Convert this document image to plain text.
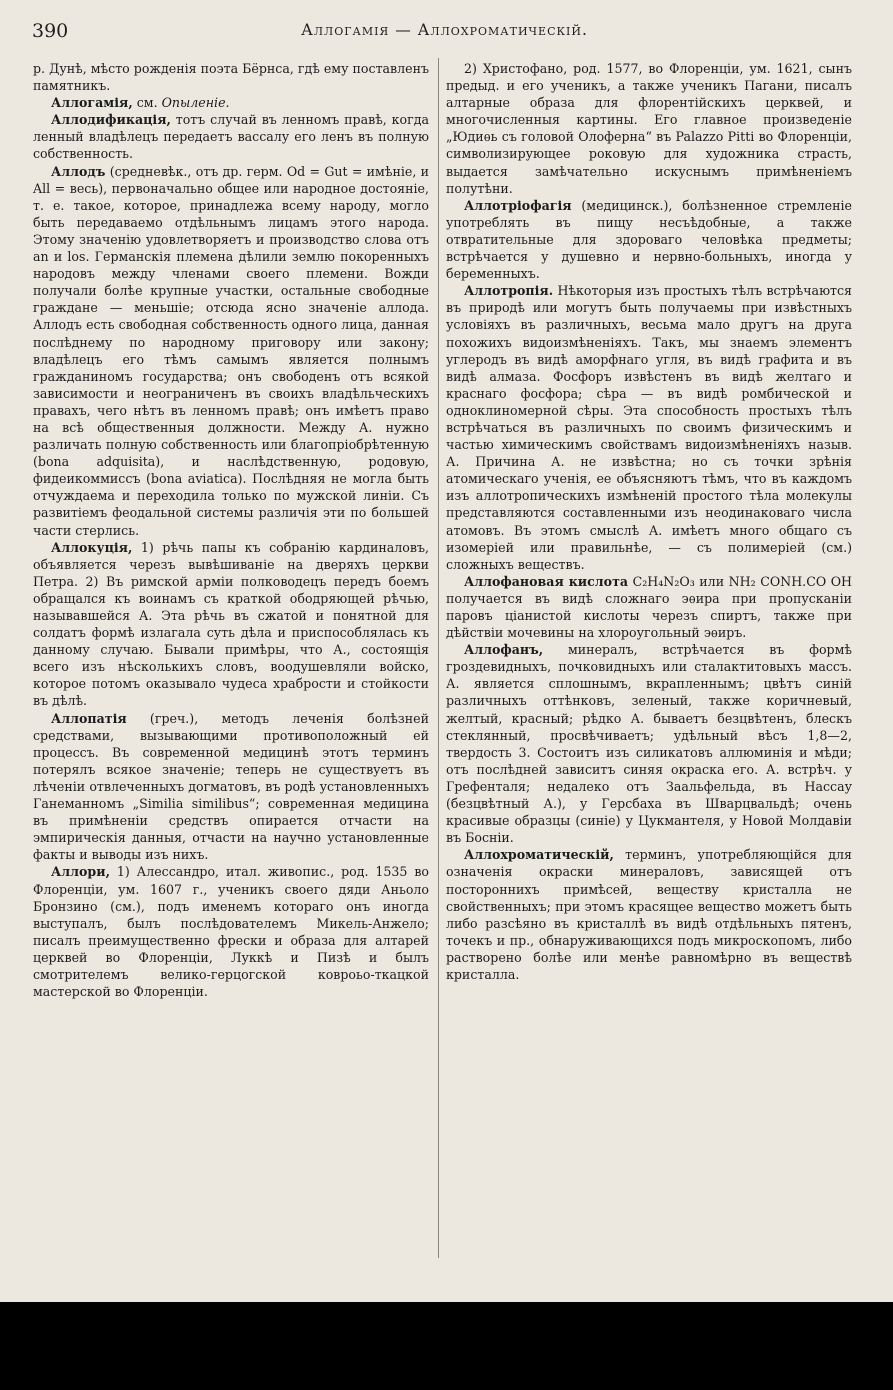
390	Аллогамія — Аллохроматическій.

р. Дунѣ, мѣсто рожденія поэта Бёрнса, гдѣ ему поставленъ памятникъ.

Аллогамія, см. Опыленіе.

Аллодификація, тотъ случай въ ленномъ правѣ, когда ленный владѣлецъ передаетъ вассалу его ленъ въ полную собственность.

Аллодъ (средневѣк., отъ др. герм. Od = Gut = имѣніе, и All = весь), первоначально общее или народное достояніе, т. е. такое, которое, принадлежа всему народу, могло быть передаваемо отдѣльнымъ лицамъ этого народа. Этому значенію удовлетворяетъ и производство слова отъ an и los. Германскія племена дѣлили землю покоренныхъ народовъ между членами своего племени. Вожди получали болѣе крупные участки, остальные свободные граждане — меньшіе; отсюда ясно значеніе аллода. Аллодъ есть свободная собственность одного лица, данная послѣднему по народному приговору или закону; владѣлецъ его тѣмъ самымъ является полнымъ гражданиномъ государства; онъ свободенъ отъ всякой зависимости и неограниченъ въ своихъ владѣльческихъ правахъ, чего нѣтъ въ ленномъ правѣ; онъ имѣетъ право на всѣ общественныя должности. Между А. нужно различать полную собственность или благопріобрѣтенную (bona adquisita), и наслѣдственную, родовую, фидеикоммиссъ (bona aviatica). Послѣдняя не могла быть отчуждаема и переходила только по мужской линіи. Съ развитіемъ феодальной системы различія эти по большей части стерлись.

Аллокуція, 1) рѣчь папы къ собранію кардиналовъ, объявляется черезъ вывѣшиваніе на дверяхъ церкви Петра. 2) Въ римской арміи полководецъ передъ боемъ обращался къ воинамъ съ краткой ободряющей рѣчью, называвшейся А. Эта рѣчь въ сжатой и понятной для солдатъ формѣ излагала суть дѣла и приспособлялась къ данному случаю. Бывали примѣры, что А., состоящія всего изъ нѣсколькихъ словъ, воодушевляли войско, которое потомъ оказывало чудеса храбрости и стойкости въ дѣлѣ.

Аллопатія (греч.), методъ леченія болѣзней средствами, вызывающими противоположный ей процессъ. Въ современной медицинѣ этотъ терминъ потерялъ всякое значеніе; теперь не существуетъ въ лѣченіи отвлеченныхъ догматовъ, въ родѣ установленныхъ Ганеманномъ „Similia similibus“; современная медицина въ примѣненіи средствъ опирается отчасти на эмпирическія данныя, отчасти на научно установленные факты и выводы изъ нихъ.

Аллори, 1) Алессандро, итал. живопис., род. 1535 во Флоренціи, ум. 1607 г., ученикъ своего дяди Аньоло Бронзино (см.), подъ именемъ котораго онъ иногда выступалъ, былъ послѣдователемъ Микель-Анжело; писалъ преимущественно фрески и образа для алтарей церквей во Флоренціи, Луккѣ и Пизѣ и былъ смотрителемъ велико-герцогской ковроьо-ткацкой мастерской во Флоренціи.

2) Христофано, род. 1577, во Флоренціи, ум. 1621, сынъ предыд. и его ученикъ, а также ученикъ Пагани, писалъ алтарные образа для флорентійскихъ церквей, и многочисленныя картины. Его главное произведеніе „Юдиѳь съ головой Олоферна“ въ Palazzo Pitti во Флоренціи, символизирующее роковую для художника страсть, выдается замѣчательно искуснымъ примѣненіемъ полутѣни.

Аллотріофагія (медицинск.), болѣзненное стремленіе употреблять въ пищу несъѣдобные, а также отвратительные для здороваго человѣка предметы; встрѣчается у душевно и нервно-больныхъ, иногда у беременныхъ.

Аллотропія. Нѣкоторыя изъ простыхъ тѣлъ встрѣчаются въ природѣ или могутъ быть получаемы при извѣстныхъ условіяхъ въ различныхъ, весьма мало другъ на друга похожихъ видоизмѣненіяхъ. Такъ, мы знаемъ элементъ углеродъ въ видѣ аморфнаго угля, въ видѣ графита и въ видѣ алмаза. Фосфоръ извѣстенъ въ видѣ желтаго и краснаго фосфора; сѣра — въ видѣ ромбической и одноклиномерной сѣры. Эта способность простыхъ тѣлъ встрѣчаться въ различныхъ по своимъ физическимъ и частью химическимъ свойствамъ видоизмѣненіяхъ назыв. А. Причина А. не извѣстна; но съ точки зрѣнія атомическаго ученія, ее объясняютъ тѣмъ, что въ каждомъ изъ аллотропическихъ измѣненій простого тѣла молекулы представляются составленными изъ неодинаковаго числа атомовъ. Въ этомъ смыслѣ А. имѣетъ много общаго съ изомеріей или правильнѣе, — съ полимеріей (см.) сложныхъ веществъ.

Аллофановая кислота C₂H₄N₂O₃ или NH₂ CONH.CO OH получается въ видѣ сложнаго эѳира при пропусканіи паровъ ціанистой кислоты черезъ спиртъ, также при дѣйствіи мочевины на хлороугольный эѳиръ.

Аллофанъ, минералъ, встрѣчается въ формѣ гроздевидныхъ, почковидныхъ или сталактитовыхъ массъ. А. является сплошнымъ, вкрапленнымъ; цвѣтъ синій различныхъ оттѣнковъ, зеленый, также коричневый, желтый, красный; рѣдко А. бываетъ безцвѣтенъ, блескъ стеклянный, просвѣчиваетъ; удѣльный вѣсъ 1,8—2, твердость 3. Состоитъ изъ силикатовъ аллюминія и мѣди; отъ послѣдней зависитъ синяя окраска его. А. встрѣч. у Грефенталя; недалеко отъ Заальфельда, въ Нассау (безцвѣтный А.), у Герсбаха въ Шварцвальдѣ; очень красивые образцы (синіе) у Цукмантеля, у Новой Молдавіи въ Босніи.

Аллохроматическій, терминъ, употребляющійся для означенія окраски минераловъ, зависящей отъ постороннихъ примѣсей, веществу кристалла не свойственныхъ; при этомъ красящее вещество можетъ быть либо разсѣяно въ кристаллѣ въ видѣ отдѣльныхъ пятенъ, точекъ и пр., обнаруживающихся подъ микроскопомъ, либо растворено болѣе или менѣе равномѣрно въ веществѣ кристалла.
